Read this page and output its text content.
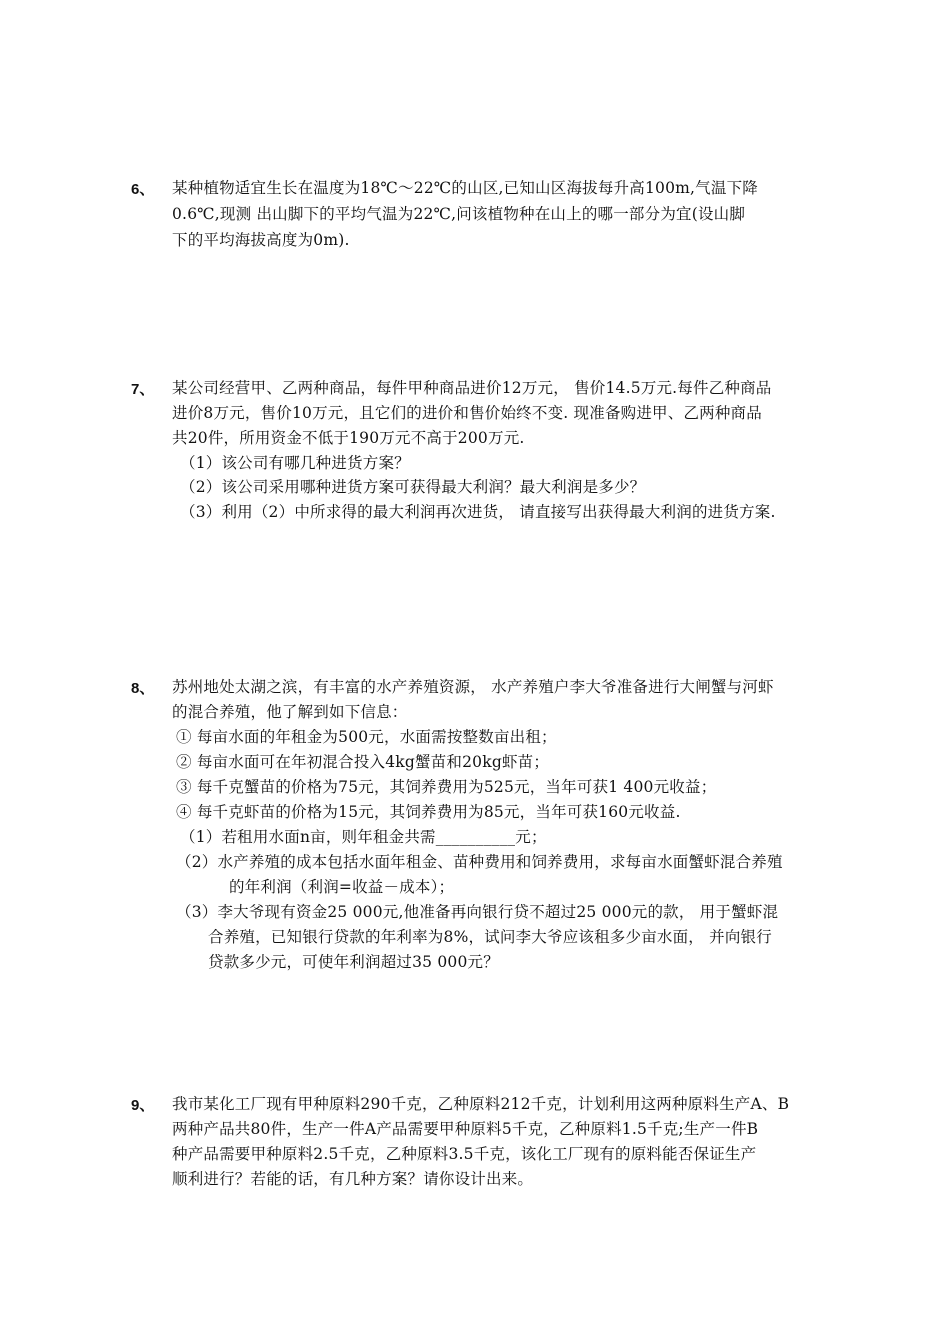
6、 某种植物适宜生长在温度为18℃～22℃的山区,已知山区海拔每升高100m,气温下降
0.6℃,现测 出山脚下的平均气温为22℃,问该植物种在山上的哪一部分为宜(设山脚
下的平均海拔高度为0m).
7、 某公司经营甲、乙两种商品，每件甲种商品进价12万元， 售价14.5万元.每件乙种商品
进价8万元，售价10万元，且它们的进价和售价始终不变. 现准备购进甲、乙两种商品
共20件，所用资金不低于190万元不高于200万元.
（1）该公司有哪几种进货方案？
（2）该公司采用哪种进货方案可获得最大利润？最大利润是多少？
（3）利用（2）中所求得的最大利润再次进货， 请直接写出获得最大利润的进货方案.
8、 苏州地处太湖之滨，有丰富的水产养殖资源， 水产养殖户李大爷准备进行大闸蟹与河虾
的混合养殖，他了解到如下信息：
① 每亩水面的年租金为500元，水面需按整数亩出租；
② 每亩水面可在年初混合投入4kg蟹苗和20kg虾苗；
③ 每千克蟹苗的价格为75元，其饲养费用为525元，当年可获1 400元收益；
④ 每千克虾苗的价格为15元，其饲养费用为85元，当年可获160元收益.
（1）若租用水面n亩，则年租金共需__________元；
（2）水产养殖的成本包括水面年租金、苗种费用和饲养费用，求每亩水面蟹虾混合养殖
的年利润（利润=收益－成本）；
（3）李大爷现有资金25 000元,他准备再向银行贷不超过25 000元的款， 用于蟹虾混
合养殖，已知银行贷款的年利率为8%，试问李大爷应该租多少亩水面， 并向银行
贷款多少元，可使年利润超过35 000元？
9、 我市某化工厂现有甲种原料290千克，乙种原料212千克，计划利用这两种原料生产A、B
两种产品共80件，生产一件A产品需要甲种原料5千克，乙种原料1.5千克;生产一件B
种产品需要甲种原料2.5千克，乙种原料3.5千克，该化工厂现有的原料能否保证生产
顺利进行？若能的话，有几种方案？请你设计出来。
